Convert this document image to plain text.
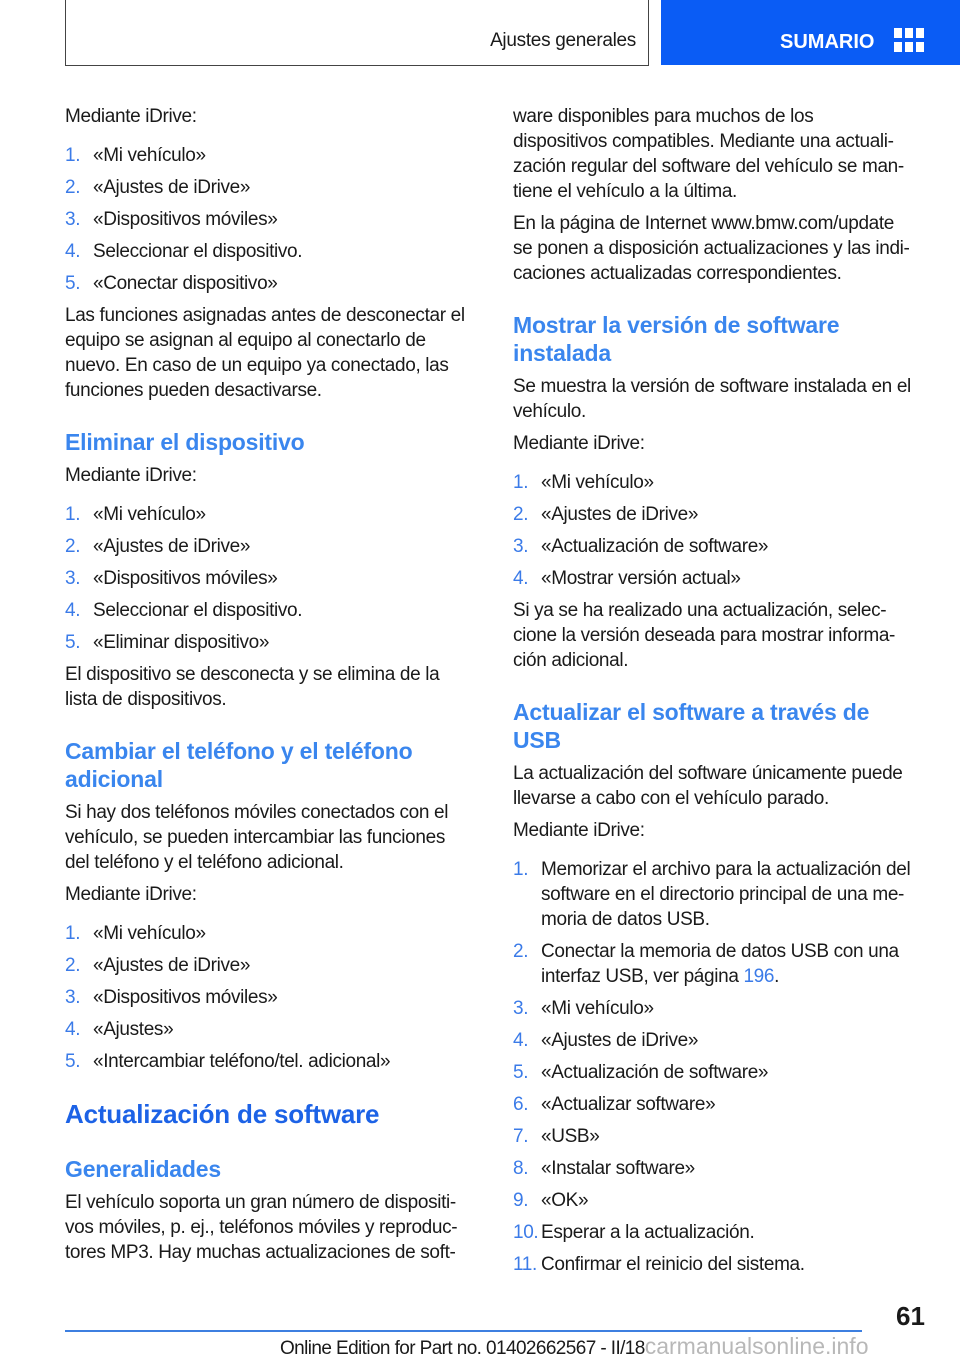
Ajustes generales	SUMARIO
Mediante iDrive:
1. «Mi vehículo»
2. «Ajustes de iDrive»
3. «Dispositivos móviles»
4. Seleccionar el dispositivo.
5. «Conectar dispositivo»
Las funciones asignadas antes de desconectar el
equipo se asignan al equipo al conectarlo de
nuevo. En caso de un equipo ya conectado, las
funciones pueden desactivarse.
Eliminar el dispositivo
Mediante iDrive:
1. «Mi vehículo»
2. «Ajustes de iDrive»
3. «Dispositivos móviles»
4. Seleccionar el dispositivo.
5. «Eliminar dispositivo»
El dispositivo se desconecta y se elimina de la
lista de dispositivos.
Cambiar el teléfono y el teléfono
adicional
Si hay dos teléfonos móviles conectados con el
vehículo, se pueden intercambiar las funciones
del teléfono y el teléfono adicional.
Mediante iDrive:
1. «Mi vehículo»
2. «Ajustes de iDrive»
3. «Dispositivos móviles»
4. «Ajustes»
5. «Intercambiar teléfono/tel. adicional»
Actualización de software
Generalidades
El vehículo soporta un gran número de dispositi-
vos móviles, p. ej., teléfonos móviles y reproduc-
tores MP3. Hay muchas actualizaciones de soft-
ware disponibles para muchos de los
dispositivos compatibles. Mediante una actuali-
zación regular del software del vehículo se man-
tiene el vehículo a la última.
En la página de Internet www.bmw.com/update
se ponen a disposición actualizaciones y las indi-
caciones actualizadas correspondientes.
Mostrar la versión de software
instalada
Se muestra la versión de software instalada en el
vehículo.
Mediante iDrive:
1. «Mi vehículo»
2. «Ajustes de iDrive»
3. «Actualización de software»
4. «Mostrar versión actual»
Si ya se ha realizado una actualización, selec-
cione la versión deseada para mostrar informa-
ción adicional.
Actualizar el software a través de
USB
La actualización del software únicamente puede
llevarse a cabo con el vehículo parado.
Mediante iDrive:
1. Memorizar el archivo para la actualización del
software en el directorio principal de una me-
moria de datos USB.
2. Conectar la memoria de datos USB con una
interfaz USB, ver página 196.
3. «Mi vehículo»
4. «Ajustes de iDrive»
5. «Actualización de software»
6. «Actualizar software»
7. «USB»
8. «Instalar software»
9. «OK»
10. Esperar a la actualización.
11. Confirmar el reinicio del sistema.
61
Online Edition for Part no. 01402662567 - II/18carmanualsonline.info
